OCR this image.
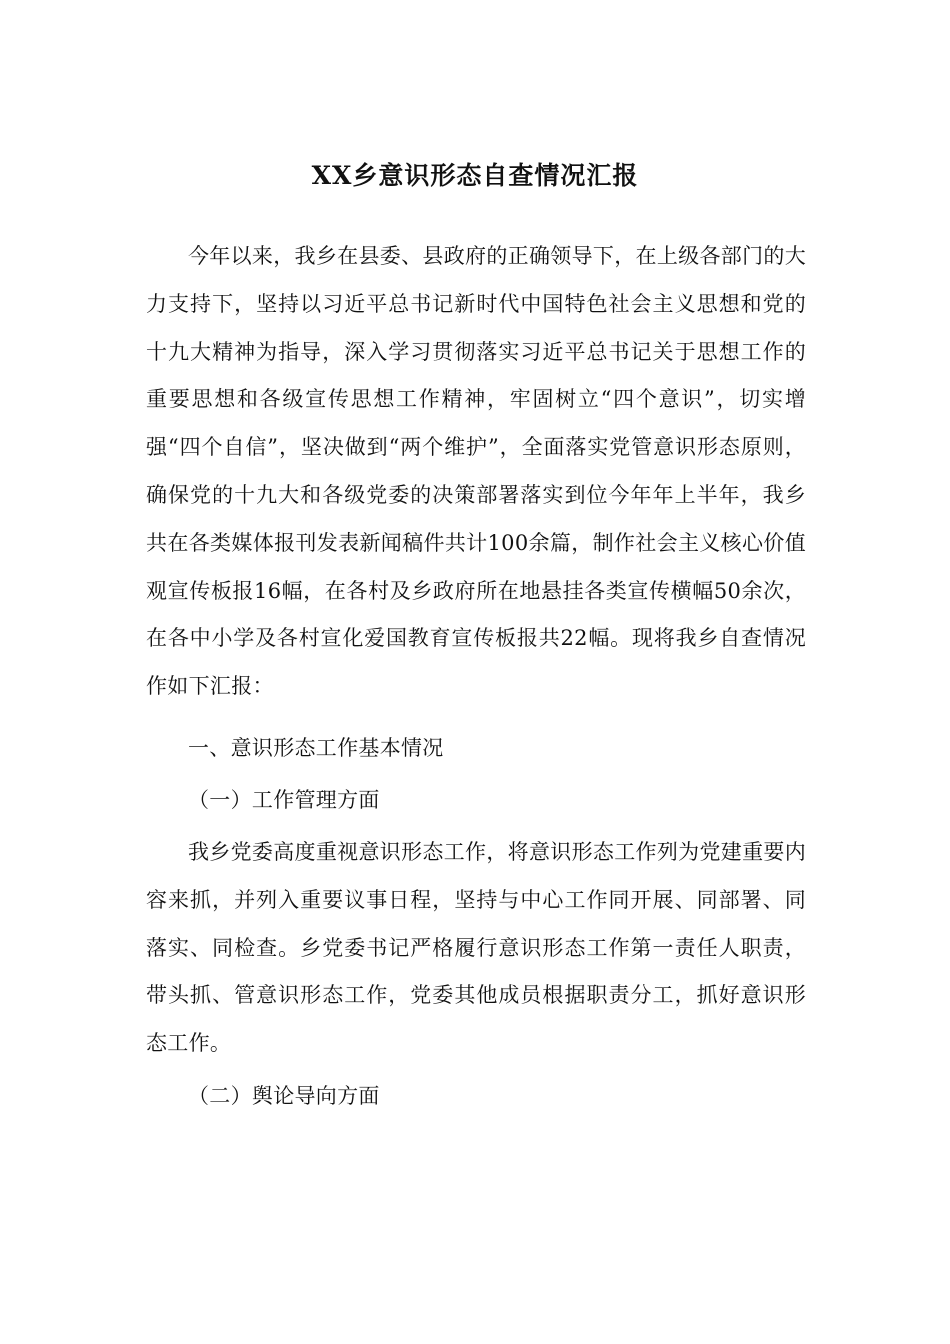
XX乡意识形态自查情况汇报

今年以来，我乡在县委、县政府的正确领导下，在上级各部门的大力支持下，坚持以习近平总书记新时代中国特色社会主义思想和党的十九大精神为指导，深入学习贯彻落实习近平总书记关于思想工作的重要思想和各级宣传思想工作精神，牢固树立“四个意识”，切实增强“四个自信”，坚决做到“两个维护”，全面落实党管意识形态原则，确保党的十九大和各级党委的决策部署落实到位今年年上半年，我乡共在各类媒体报刊发表新闻稿件共计100余篇，制作社会主义核心价值观宣传板报16幅，在各村及乡政府所在地悬挂各类宣传横幅50余次，在各中小学及各村宣化爱国教育宣传板报共22幅。现将我乡自查情况作如下汇报：

一、意识形态工作基本情况

（一）工作管理方面

我乡党委高度重视意识形态工作，将意识形态工作列为党建重要内容来抓，并列入重要议事日程，坚持与中心工作同开展、同部署、同落实、同检查。乡党委书记严格履行意识形态工作第一责任人职责，带头抓、管意识形态工作，党委其他成员根据职责分工，抓好意识形态工作。

（二）舆论导向方面
